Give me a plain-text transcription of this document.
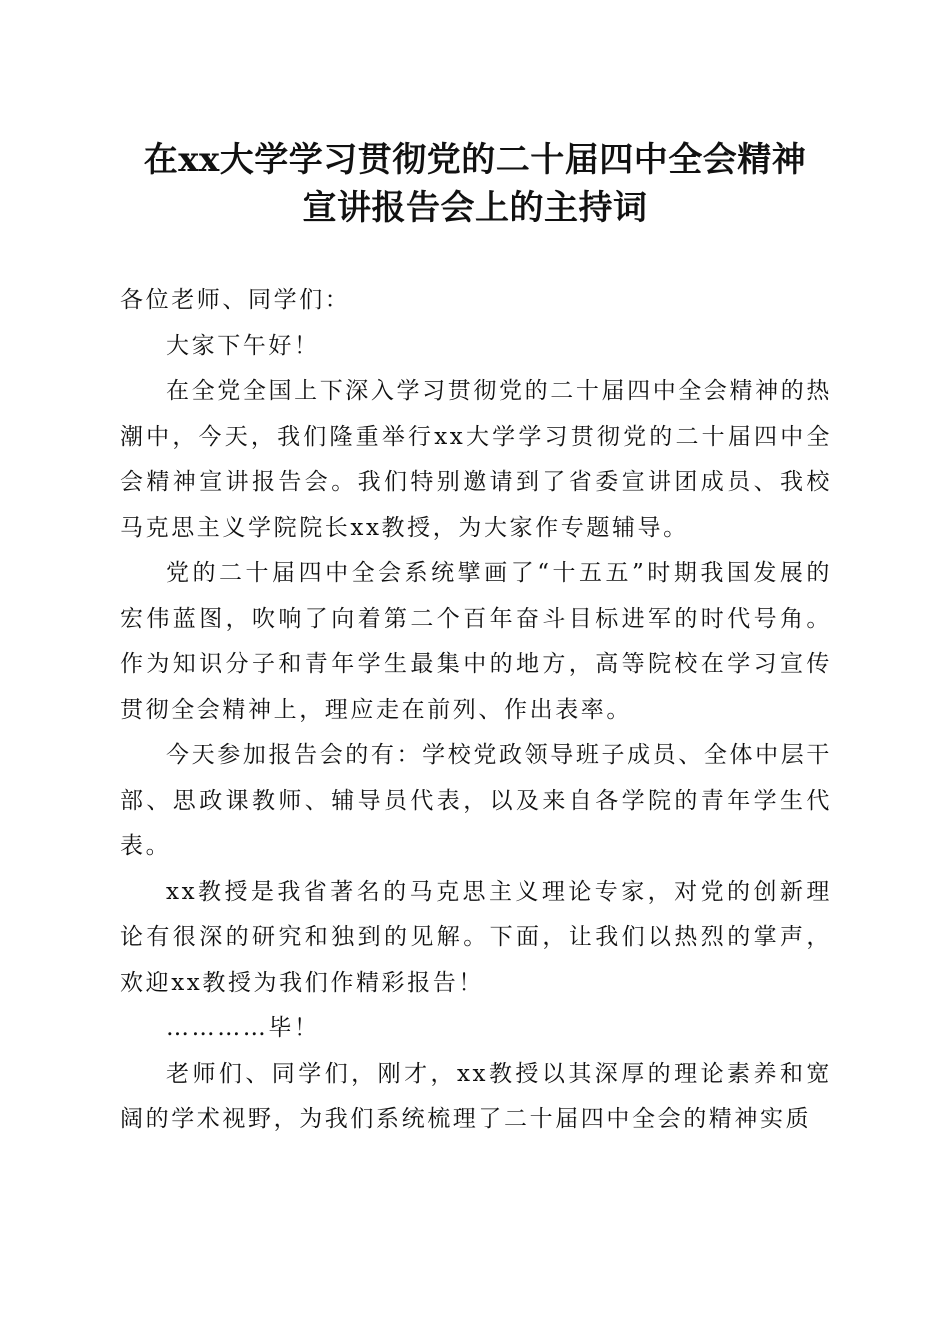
在xx大学学习贯彻党的二十届四中全会精神
宣讲报告会上的主持词

各位老师、同学们：

大家下午好！

在全党全国上下深入学习贯彻党的二十届四中全会精神的热潮中，今天，我们隆重举行xx大学学习贯彻党的二十届四中全会精神宣讲报告会。我们特别邀请到了省委宣讲团成员、我校马克思主义学院院长xx教授，为大家作专题辅导。

党的二十届四中全会系统擘画了“十五五”时期我国发展的宏伟蓝图，吹响了向着第二个百年奋斗目标进军的时代号角。作为知识分子和青年学生最集中的地方，高等院校在学习宣传贯彻全会精神上，理应走在前列、作出表率。

今天参加报告会的有：学校党政领导班子成员、全体中层干部、思政课教师、辅导员代表，以及来自各学院的青年学生代表。

xx教授是我省著名的马克思主义理论专家，对党的创新理论有很深的研究和独到的见解。下面，让我们以热烈的掌声，欢迎xx教授为我们作精彩报告！

…………毕！

老师们、同学们，刚才，xx教授以其深厚的理论素养和宽阔的学术视野，为我们系统梳理了二十届四中全会的精神实质
